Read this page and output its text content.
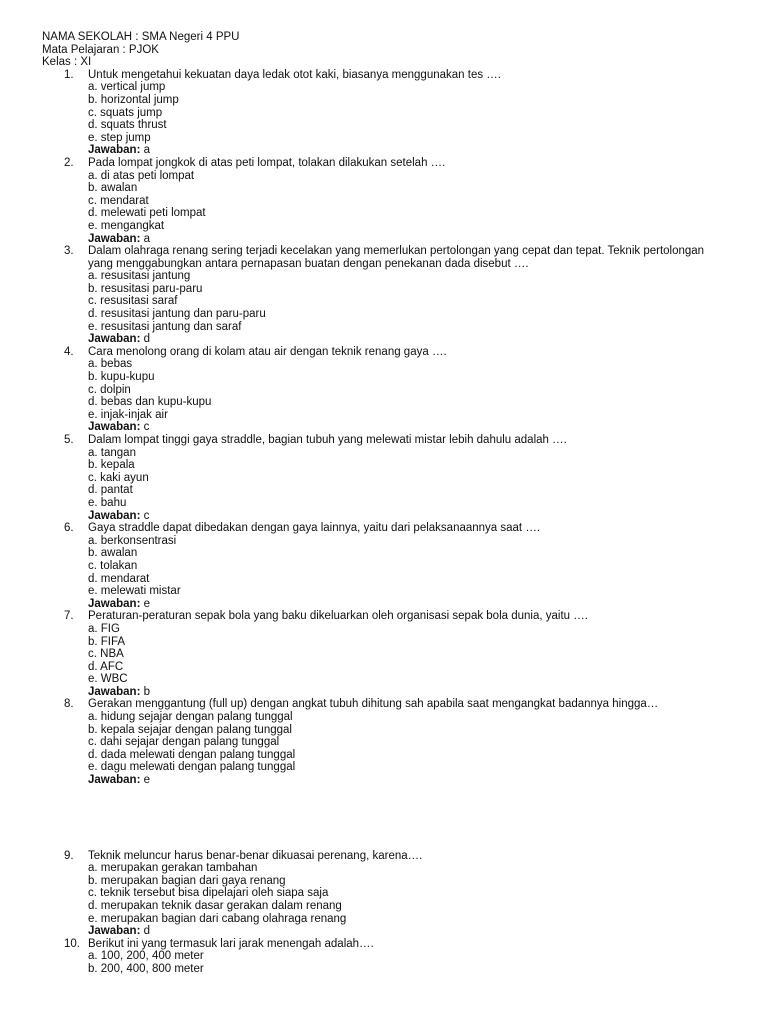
NAMA SEKOLAH : SMA Negeri 4 PPU
Mata Pelajaran : PJOK
Kelas : XI
1.	Untuk mengetahui kekuatan daya ledak otot kaki, biasanya menggunakan tes ….
a. vertical jump
b. horizontal jump
c. squats jump
d. squats thrust
e. step jump
Jawaban: a
2.	Pada lompat jongkok di atas peti lompat, tolakan dilakukan setelah ….
a. di atas peti lompat
b. awalan
c. mendarat
d. melewati peti lompat
e. mengangkat
Jawaban: a
3.	Dalam olahraga renang sering terjadi kecelakan yang memerlukan pertolongan yang cepat dan tepat. Teknik pertolongan yang menggabungkan antara pernapasan buatan dengan penekanan dada disebut ….
a. resusitasi jantung
b. resusitasi paru-paru
c. resusitasi saraf
d. resusitasi jantung dan paru-paru
e. resusitasi jantung dan saraf
Jawaban: d
4.	Cara menolong orang di kolam atau air dengan teknik renang gaya ….
a. bebas
b. kupu-kupu
c. dolpin
d. bebas dan kupu-kupu
e. injak-injak air
Jawaban: c
5.	Dalam lompat tinggi gaya straddle, bagian tubuh yang melewati mistar lebih dahulu adalah ….
a. tangan
b. kepala
c. kaki ayun
d. pantat
e. bahu
Jawaban: c
6.	Gaya straddle dapat dibedakan dengan gaya lainnya, yaitu dari pelaksanaannya saat ….
a. berkonsentrasi
b. awalan
c. tolakan
d. mendarat
e. melewati mistar
Jawaban: e
7.	Peraturan-peraturan sepak bola yang baku dikeluarkan oleh organisasi sepak bola dunia, yaitu ….
a. FIG
b. FIFA
c. NBA
d. AFC
e. WBC
Jawaban: b
8.	Gerakan menggantung (full up) dengan angkat tubuh dihitung sah apabila saat mengangkat badannya hingga…
a. hidung sejajar dengan palang tunggal
b. kepala sejajar dengan palang tunggal
c. dahi sejajar dengan palang tunggal
d. dada melewati dengan palang tunggal
e. dagu melewati dengan palang tunggal
Jawaban: e
9.	Teknik meluncur harus benar-benar dikuasai perenang, karena….
a. merupakan gerakan tambahan
b. merupakan bagian dari gaya renang
c. teknik tersebut bisa dipelajari oleh siapa saja
d. merupakan teknik dasar gerakan dalam renang
e. merupakan bagian dari cabang olahraga renang
Jawaban: d
10. Berikut ini yang termasuk lari jarak menengah adalah….
a. 100, 200, 400 meter
b. 200, 400, 800 meter
